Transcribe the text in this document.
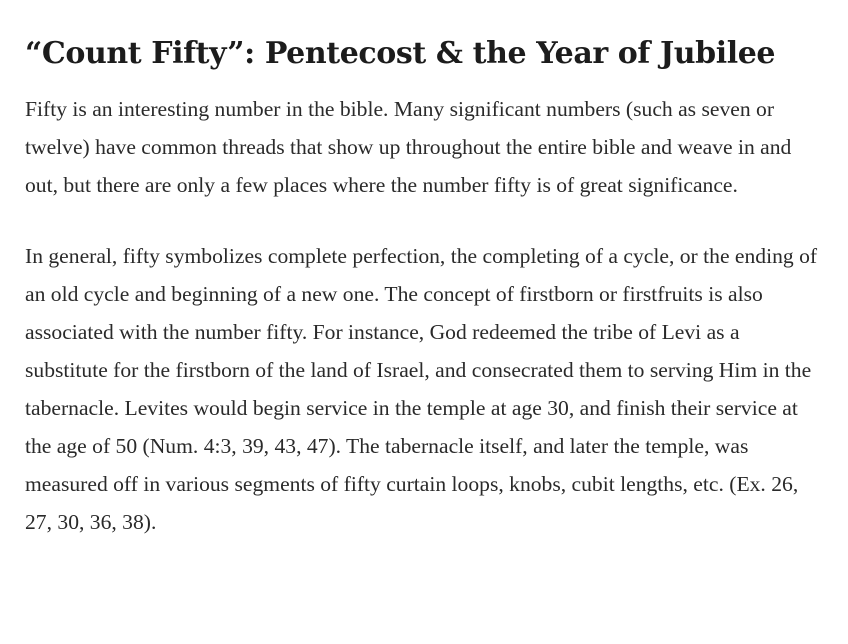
“Count Fifty”: Pentecost & the Year of Jubilee

Fifty is an interesting number in the bible. Many significant numbers (such as seven or twelve) have common threads that show up throughout the entire bible and weave in and out, but there are only a few places where the number fifty is of great significance.

In general, fifty symbolizes complete perfection, the completing of a cycle, or the ending of an old cycle and beginning of a new one. The concept of firstborn or firstfruits is also associated with the number fifty. For instance, God redeemed the tribe of Levi as a substitute for the firstborn of the land of Israel, and consecrated them to serving Him in the tabernacle. Levites would begin service in the temple at age 30, and finish their service at the age of 50 (Num. 4:3, 39, 43, 47). The tabernacle itself, and later the temple, was measured off in various segments of fifty curtain loops, knobs, cubit lengths, etc. (Ex. 26, 27, 30, 36, 38).
